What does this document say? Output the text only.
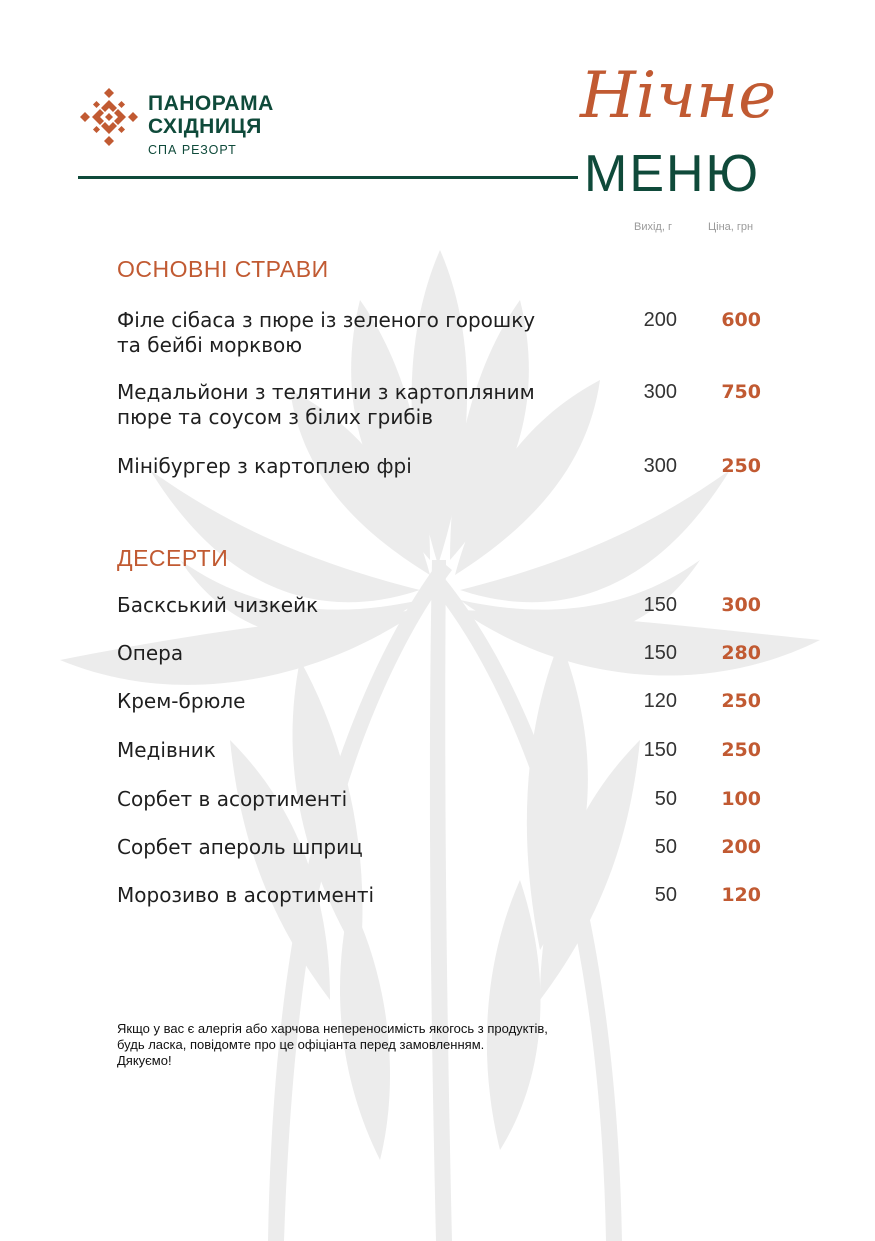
ПАНОРАМА
СХІДНИЦЯ
СПА РЕЗОРТ
Нічне
МЕНЮ
Вихід, г	Ціна, грн
ОСНОВНІ СТРАВИ
Філе сібаса з пюре із зеленого горошку
та бейбі морквою
200	600
Медальйони з телятини з картопляним
пюре та соусом з білих грибів
300	750
Мінібургер з картоплею фрі	300	250
ДЕСЕРТИ
Баскський чизкейк	150	300
Опера	150	280
Крем-брюле	120	250
Медівник	150	250
Сорбет в асортименті	50	100
Сорбет апероль шприц	50	200
Морозиво в асортименті	50	120
Якщо у вас є алергія або харчова непереносимість якогось з продуктів,
будь ласка, повідомте про це офіціанта перед замовленням.
Дякуємо!
